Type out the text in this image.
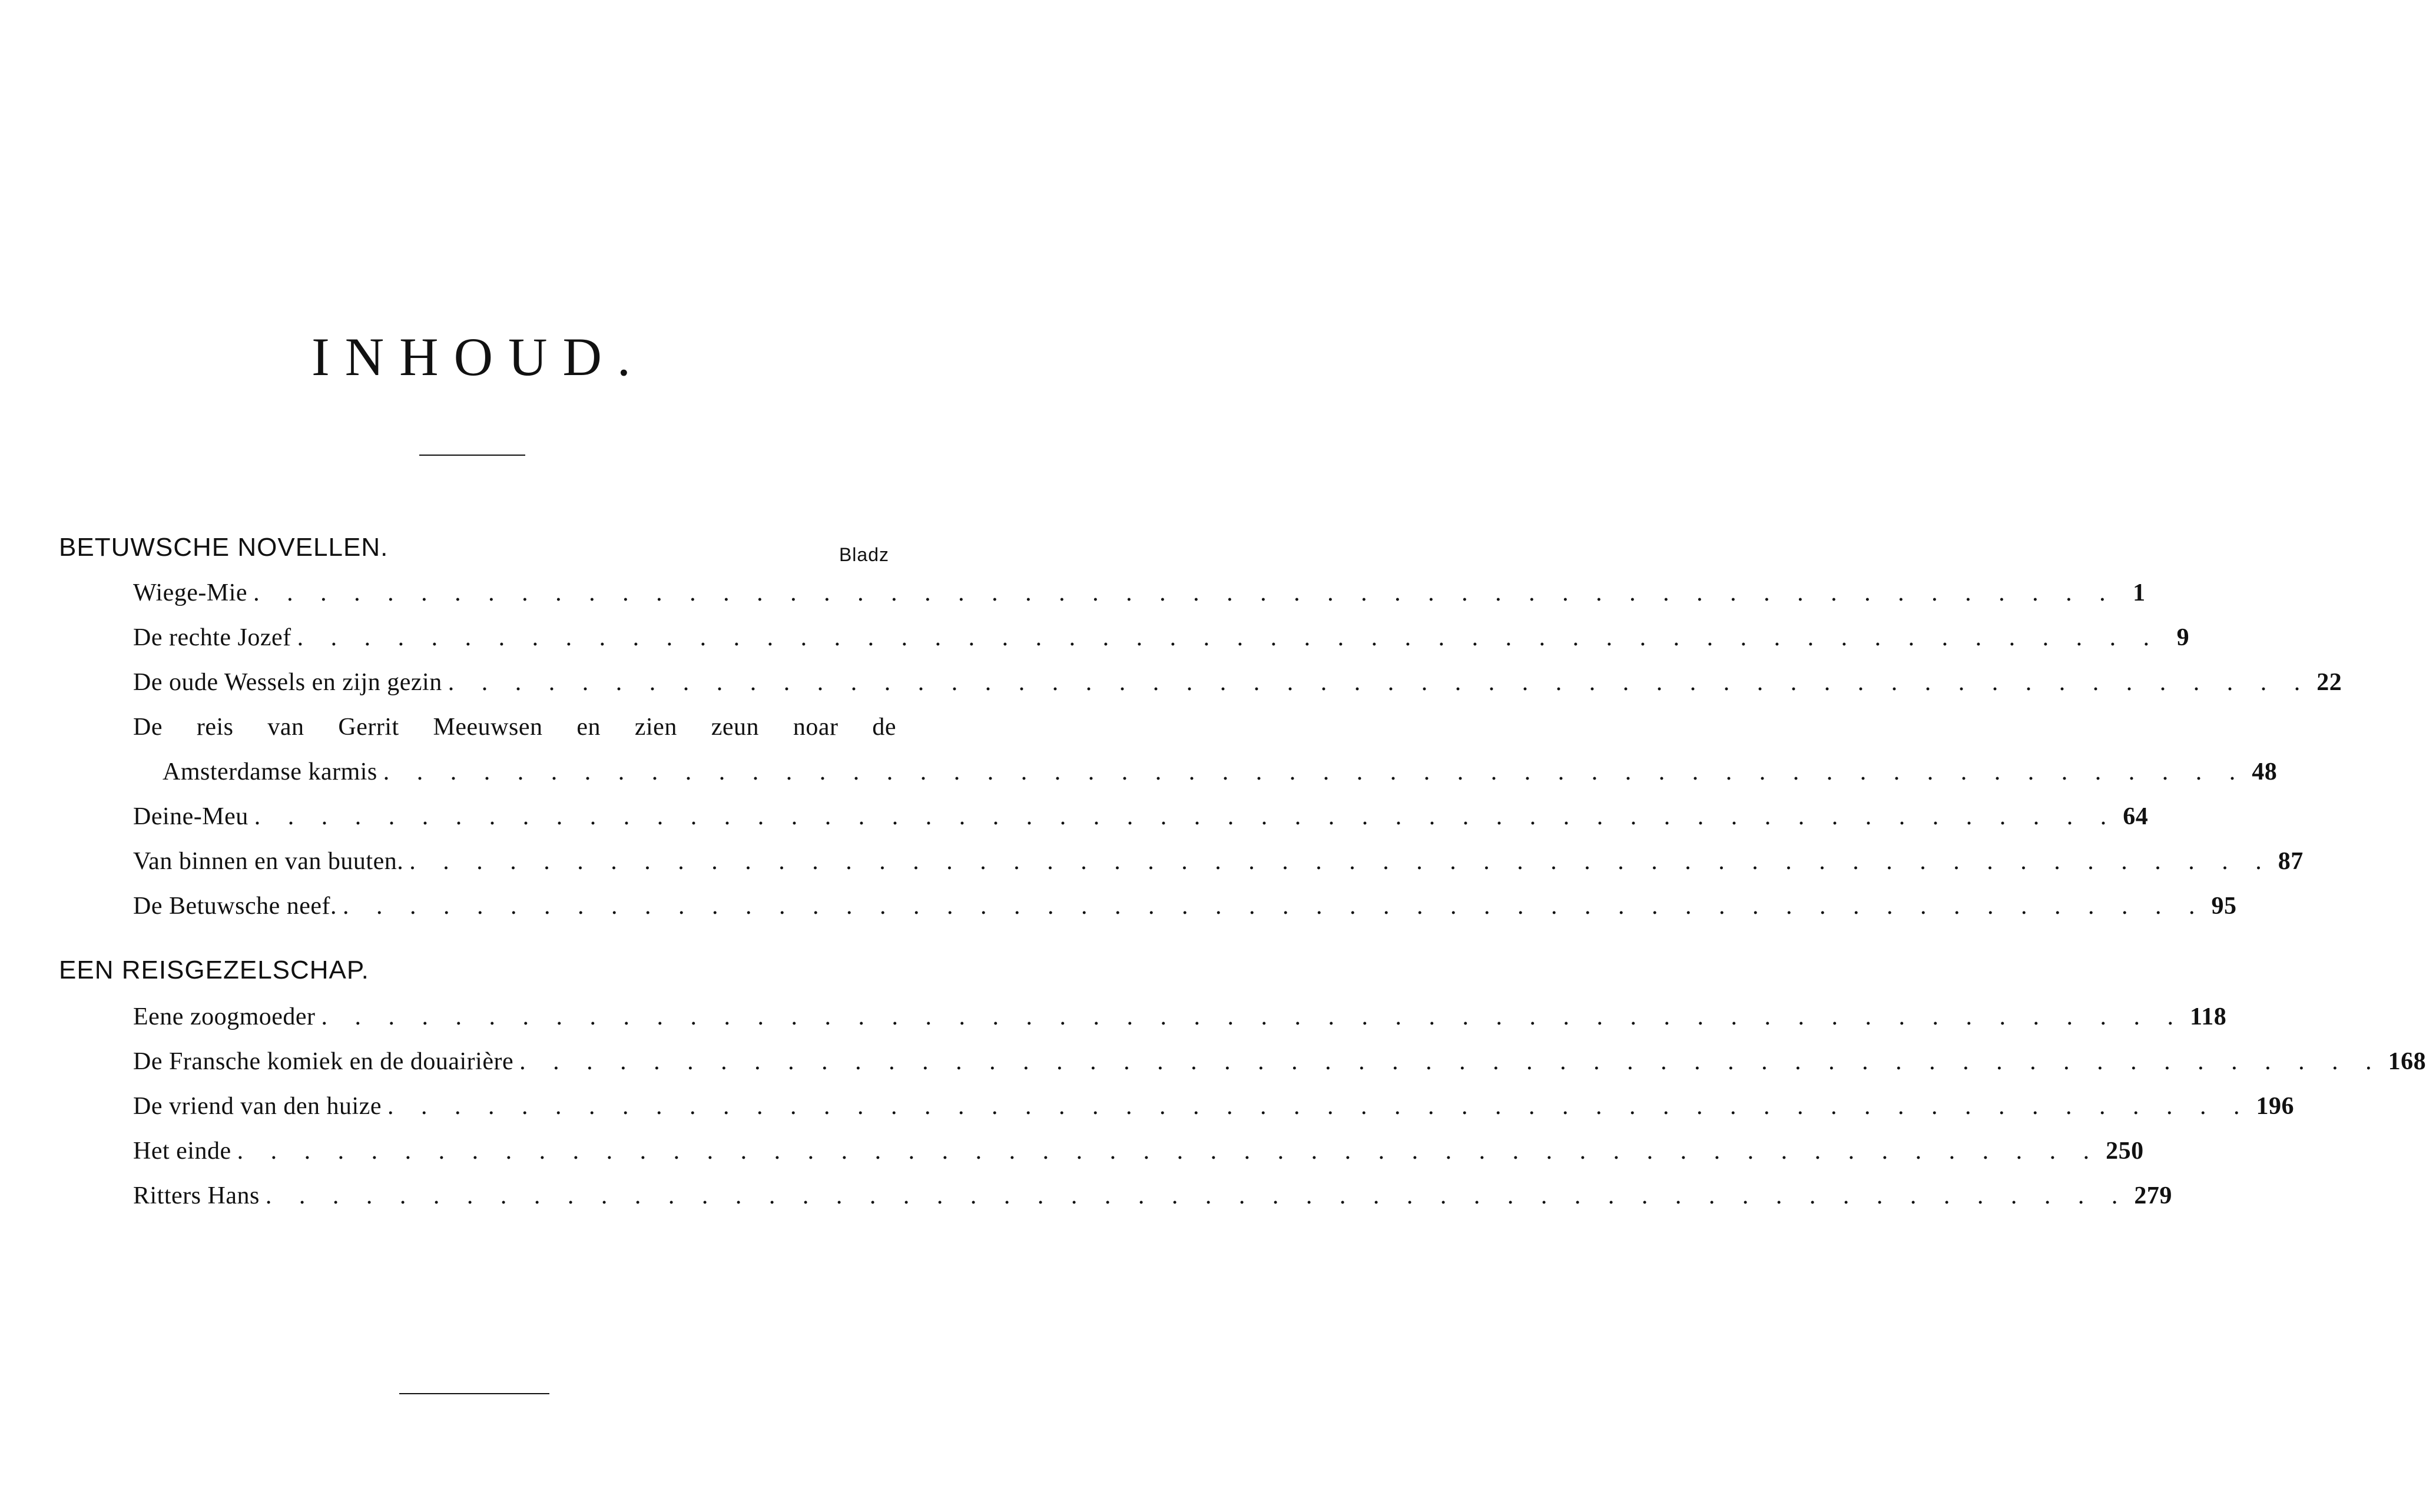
INHOUD.
BETUWSCHE NOVELLEN.	Bladz
Wiege-Mie . . . . . . . . . . . . . . . . . . . . . . . . . . . . . . . . . . . . . . . . . . . . . . . . . . . . . . . . 1
De rechte Jozef . . . . . . . . . . . . . . . . . . . . . . . . . . . . . . . . . . . . . . . . . . . . . . . . . . . . . . . . 9
De oude Wessels en zijn gezin . . . . . . . . . . . . . . . . . . . . . . . . . . . . . . . . . . . . . . . . . . . . . . . . . . . . . . . . 22
De reis van Gerrit Meeuwsen en zien zeun noar de
Amsterdamse karmis . . . . . . . . . . . . . . . . . . . . . . . . . . . . . . . . . . . . . . . . . . . . . . . . . . . . . . . . 48
Deine-Meu . . . . . . . . . . . . . . . . . . . . . . . . . . . . . . . . . . . . . . . . . . . . . . . . . . . . . . . . 64
Van binnen en van buuten. . . . . . . . . . . . . . . . . . . . . . . . . . . . . . . . . . . . . . . . . . . . . . . . . . . . . . . . . 87
De Betuwsche neef. . . . . . . . . . . . . . . . . . . . . . . . . . . . . . . . . . . . . . . . . . . . . . . . . . . . . . . . . 95
EEN REISGEZELSCHAP.
Eene zoogmoeder . . . . . . . . . . . . . . . . . . . . . . . . . . . . . . . . . . . . . . . . . . . . . . . . . . . . . . . . 118
De Fransche komiek en de douairière . . . . . . . . . . . . . . . . . . . . . . . . . . . . . . . . . . . . . . . . . . . . . . . . . . . . . . . . 168
De vriend van den huize . . . . . . . . . . . . . . . . . . . . . . . . . . . . . . . . . . . . . . . . . . . . . . . . . . . . . . . . 196
Het einde . . . . . . . . . . . . . . . . . . . . . . . . . . . . . . . . . . . . . . . . . . . . . . . . . . . . . . . . 250
Ritters Hans . . . . . . . . . . . . . . . . . . . . . . . . . . . . . . . . . . . . . . . . . . . . . . . . . . . . . . . . 279
